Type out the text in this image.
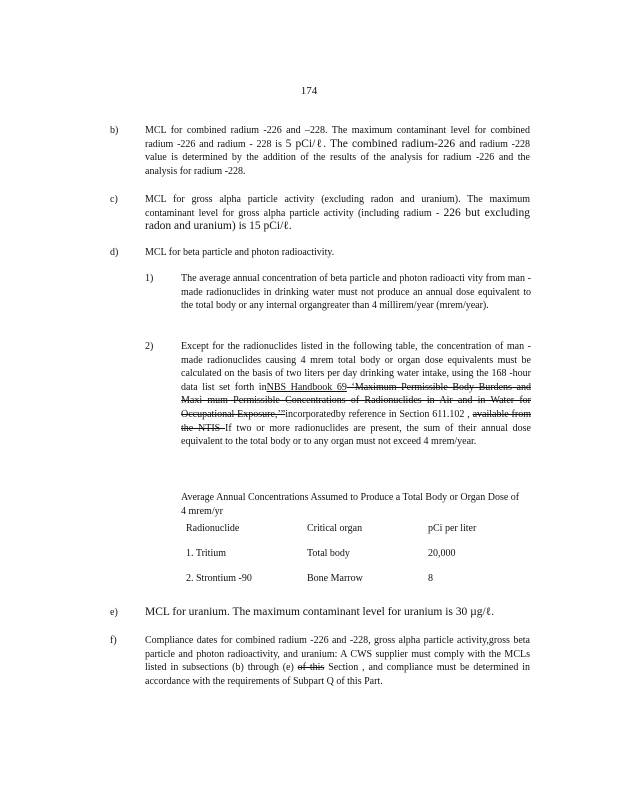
174
b)	MCL for combined radium -226 and –228. The maximum contaminant level for combined radium -226 and radium - 228 is 5 pCi/ℓ. The combined radium-226 and radium -228 value is determined by the addition of the results of the analysis for radium -226 and the analysis for radium -228.
c)	MCL for gross alpha particle activity (excluding radon and uranium). The maximum contaminant level for gross alpha particle activity (including radium - 226 but excluding radon and uranium) is 15 pCi/ℓ.
d)	MCL for beta particle and photon radioactivity.
1)	The average annual concentration of beta particle and photon radioacti vity from man -made radionuclides in drinking water must not produce an annual dose equivalent to the total body or any internal organgreater than 4 millirem/year (mrem/year).
2)	Except for the radionuclides listed in the following table, the concentration of man -made radionuclides causing 4 mrem total body or organ dose equivalents must be calculated on the basis of two liters per day drinking water intake, using the 168 -hour data list set forth inNBS Handbook 69 ‘Maximum Permissible Body Burdens and Maxi mum Permissible Concentrations of Radionuclides in Air and in Water for Occupational Exposure,’”incorporatedby reference in Section 611.102 , available from the NTIS If two or more radionuclides are present, the sum of their annual dose equivalent to the total body or to any organ must not exceed 4 mrem/year.
Average Annual Concentrations Assumed to Produce a Total Body or Organ Dose of 4 mrem/yr
Radionuclide	Critical organ	pCi per liter
1. Tritium	Total body	20,000
2. Strontium -90	Bone Marrow	8
e) MCL for uranium. The maximum contaminant level for uranium is 30 µg/ℓ.
f)	Compliance dates for combined radium -226 and -228, gross alpha particle activity,gross beta particle and photon radioactivity, and uranium: A CWS supplier must comply with the MCLs listed in subsections (b) through (e) of this Section , and compliance must be determined in accordance with the requirements of Subpart Q of this Part.
